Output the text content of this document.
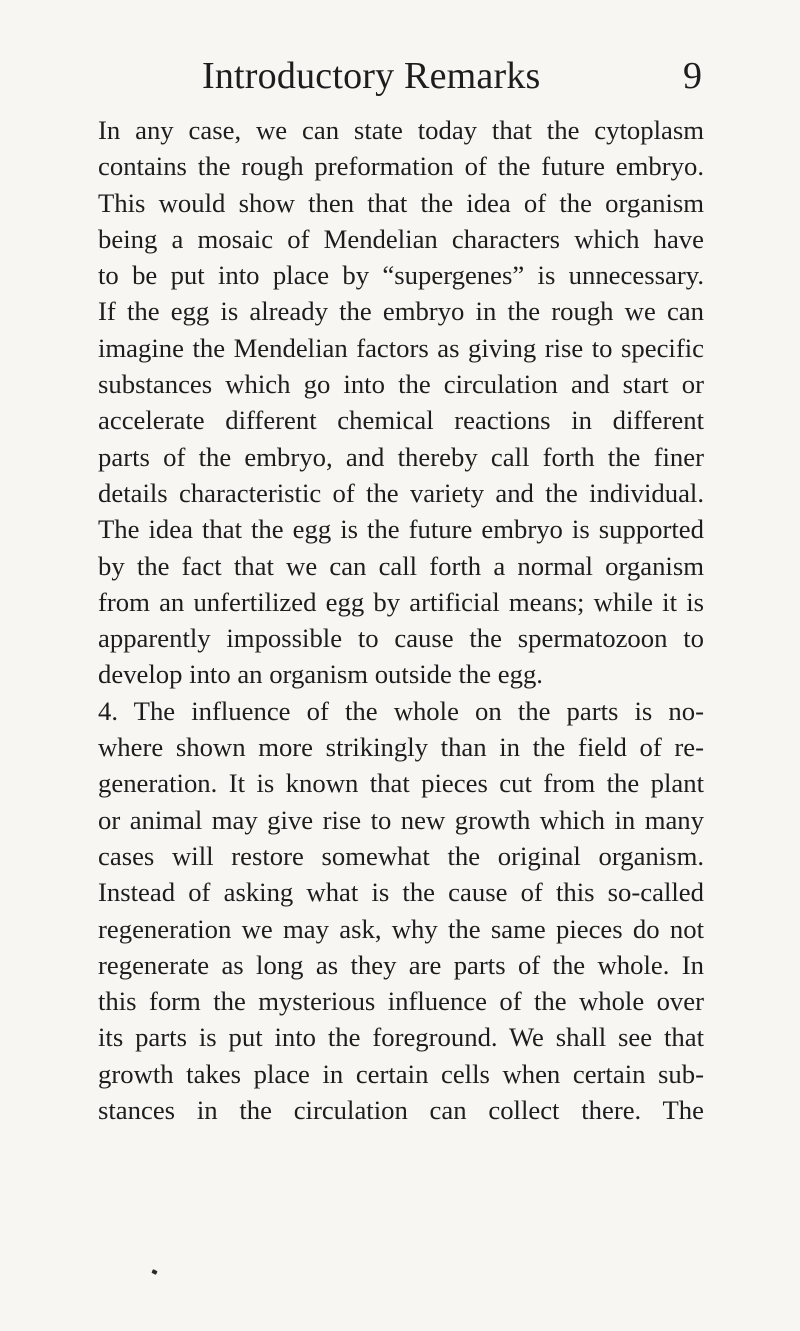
Introductory Remarks	9
In any case, we can state today that the cytoplasm
contains the rough preformation of the future embryo.
This would show then that the idea of the organism
being a mosaic of Mendelian characters which have
to be put into place by “supergenes” is unnecessary.
If the egg is already the embryo in the rough we can
imagine the Mendelian factors as giving rise to specific
substances which go into the circulation and start or
accelerate different chemical reactions in different
parts of the embryo, and thereby call forth the finer
details characteristic of the variety and the individual.
The idea that the egg is the future embryo is supported
by the fact that we can call forth a normal organism
from an unfertilized egg by artificial means; while it is
apparently impossible to cause the spermatozoon to
develop into an organism outside the egg.
4. The influence of the whole on the parts is no-
where shown more strikingly than in the field of re-
generation. It is known that pieces cut from the plant
or animal may give rise to new growth which in many
cases will restore somewhat the original organism.
Instead of asking what is the cause of this so-called
regeneration we may ask, why the same pieces do not
regenerate as long as they are parts of the whole. In
this form the mysterious influence of the whole over
its parts is put into the foreground. We shall see that
growth takes place in certain cells when certain sub-
stances in the circulation can collect there. The
